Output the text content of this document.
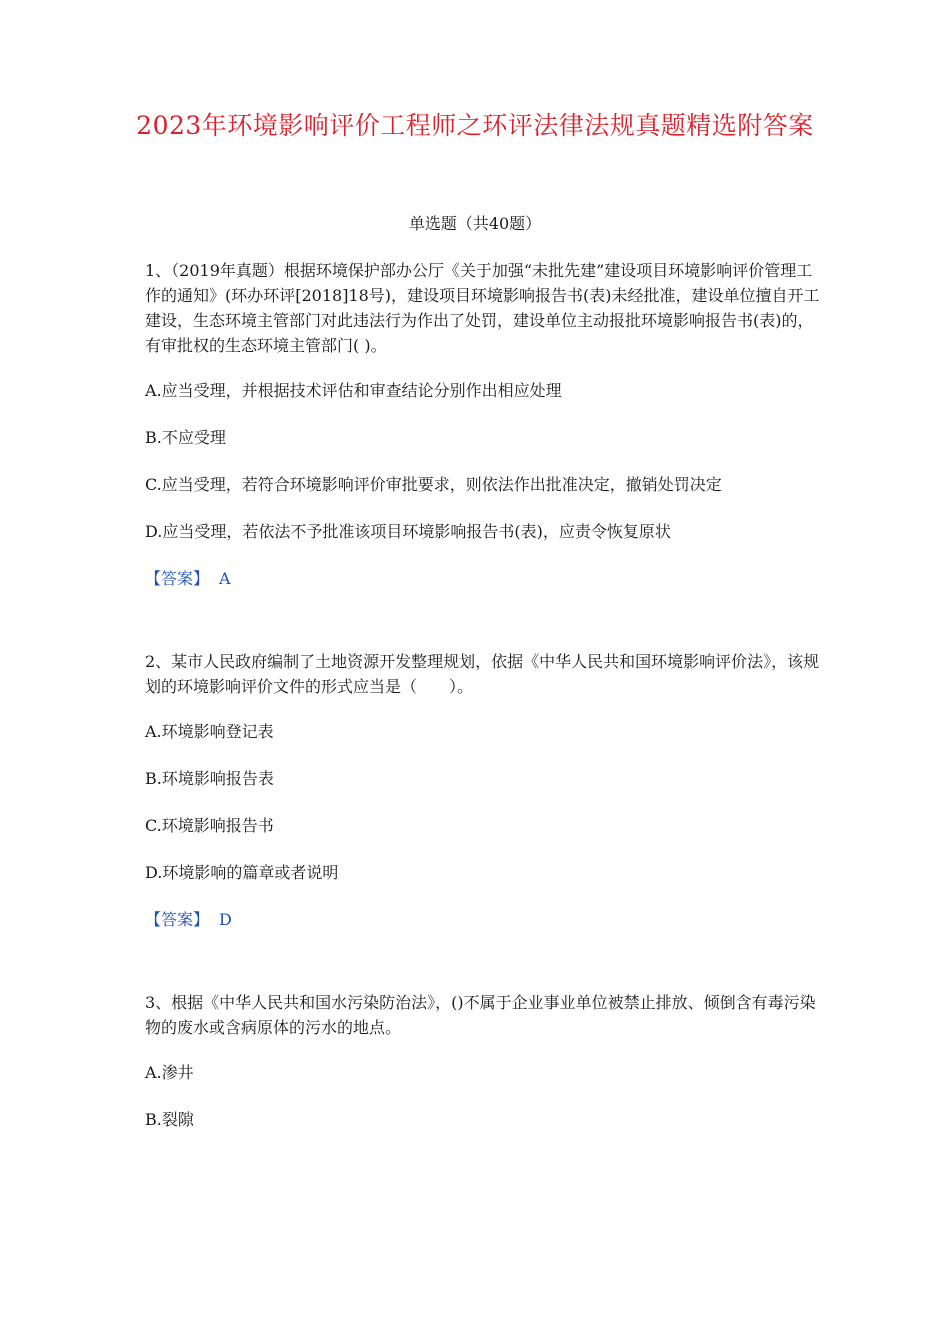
2023年环境影响评价工程师之环评法律法规真题精选附答案
单选题（共40题）

1、（2019年真题）根据环境保护部办公厅《关于加强“未批先建”建设项目环境影响评价管理工作的通知》(环办环评[2018]18号)，建设项目环境影响报告书(表)未经批准，建设单位擅自开工建设，生态环境主管部门对此违法行为作出了处罚，建设单位主动报批环境影响报告书(表)的，有审批权的生态环境主管部门( )。

A.应当受理，并根据技术评估和审查结论分别作出相应处理

B.不应受理

C.应当受理，若符合环境影响评价审批要求，则依法作出批准决定，撤销处罚决定

D.应当受理，若依法不予批准该项目环境影响报告书(表)，应责令恢复原状

【答案】 A

2、某市人民政府编制了土地资源开发整理规划，依据《中华人民共和国环境影响评价法》，该规划的环境影响评价文件的形式应当是（　　）。

A.环境影响登记表

B.环境影响报告表

C.环境影响报告书

D.环境影响的篇章或者说明

【答案】 D

3、根据《中华人民共和国水污染防治法》，()不属于企业事业单位被禁止排放、倾倒含有毒污染物的废水或含病原体的污水的地点。

A.渗井

B.裂隙
